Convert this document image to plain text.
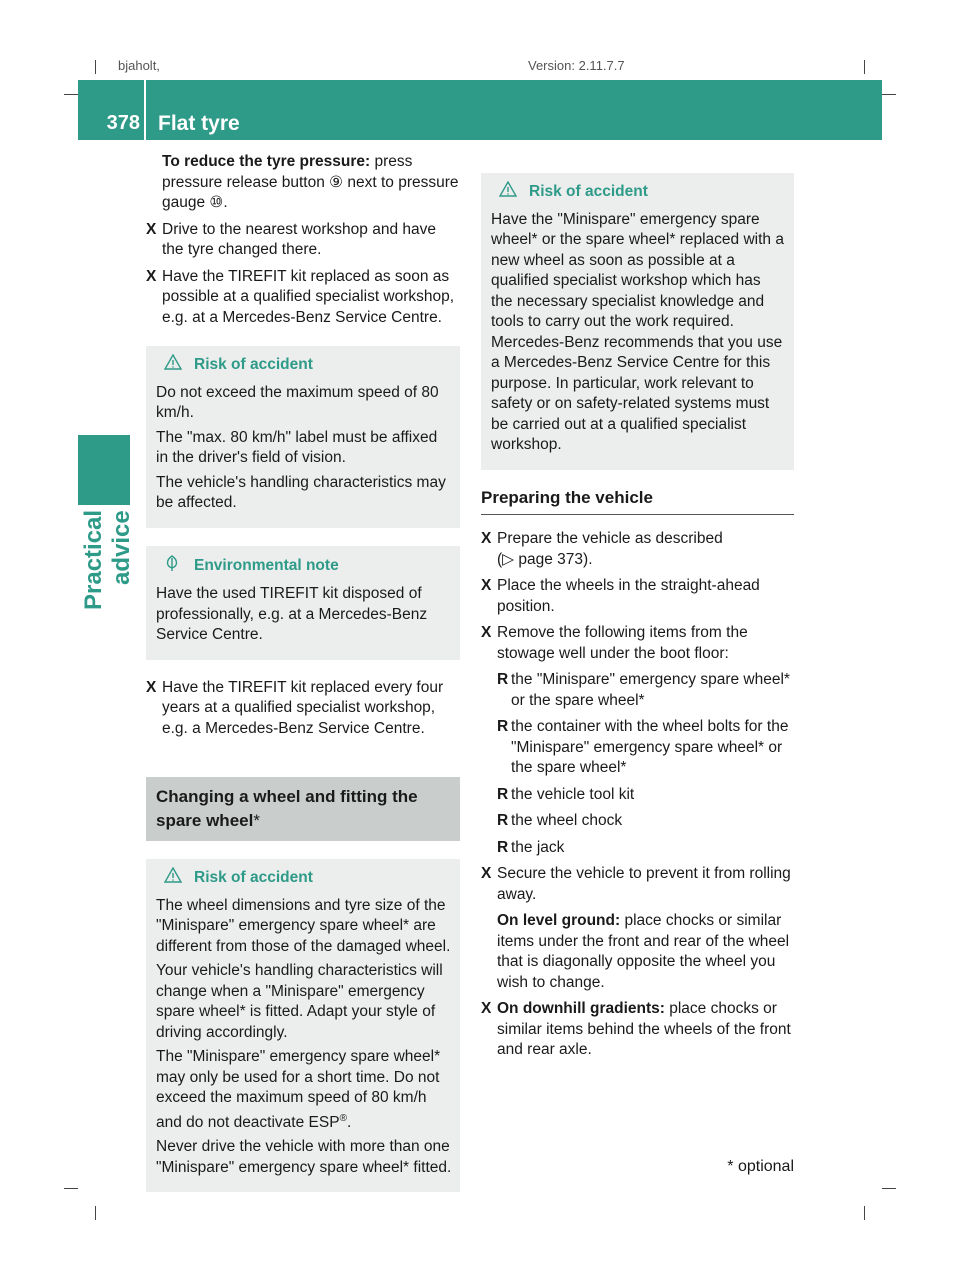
bjaholt,	Version: 2.11.7.7
378 Flat tyre
Practical advice

To reduce the tyre pressure: press pressure release button ⑨ next to pressure gauge ⑩.

X Drive to the nearest workshop and have the tyre changed there.
X Have the TIREFIT kit replaced as soon as possible at a qualified specialist workshop, e.g. at a Mercedes-Benz Service Centre.
Risk of accident

Do not exceed the maximum speed of 80 km/h.

The "max. 80 km/h" label must be affixed in the driver's field of vision.

The vehicle's handling characteristics may be affected.

Environmental note

Have the used TIREFIT kit disposed of professionally, e.g. at a Mercedes-Benz Service Centre.

X Have the TIREFIT kit replaced every four years at a qualified specialist workshop, e.g. a Mercedes-Benz Service Centre.
Changing a wheel and fitting the spare wheel*
Risk of accident

The wheel dimensions and tyre size of the "Minispare" emergency spare wheel* are different from those of the damaged wheel.

Your vehicle's handling characteristics will change when a "Minispare" emergency spare wheel* is fitted. Adapt your style of driving accordingly.

The "Minispare" emergency spare wheel* may only be used for a short time. Do not exceed the maximum speed of 80 km/h and do not deactivate ESP®.

Never drive the vehicle with more than one "Minispare" emergency spare wheel* fitted.

Risk of accident

Have the "Minispare" emergency spare wheel* or the spare wheel* replaced with a new wheel as soon as possible at a qualified specialist workshop which has the necessary specialist knowledge and tools to carry out the work required. Mercedes-Benz recommends that you use a Mercedes-Benz Service Centre for this purpose. In particular, work relevant to safety or on safety-related systems must be carried out at a qualified specialist workshop.

Preparing the vehicle
X Prepare the vehicle as described
(▷ page 373).
X Place the wheels in the straight-ahead position.
X Remove the following items from the stowage well under the boot floor:
R the "Minispare" emergency spare wheel* or the spare wheel*
R the container with the wheel bolts for the "Minispare" emergency spare wheel* or the spare wheel*
R the vehicle tool kit
R the wheel chock
R the jack
X Secure the vehicle to prevent it from rolling away.

On level ground: place chocks or similar items under the front and rear of the wheel that is diagonally opposite the wheel you wish to change.

X On downhill gradients: place chocks or similar items behind the wheels of the front and rear axle.
* optional
